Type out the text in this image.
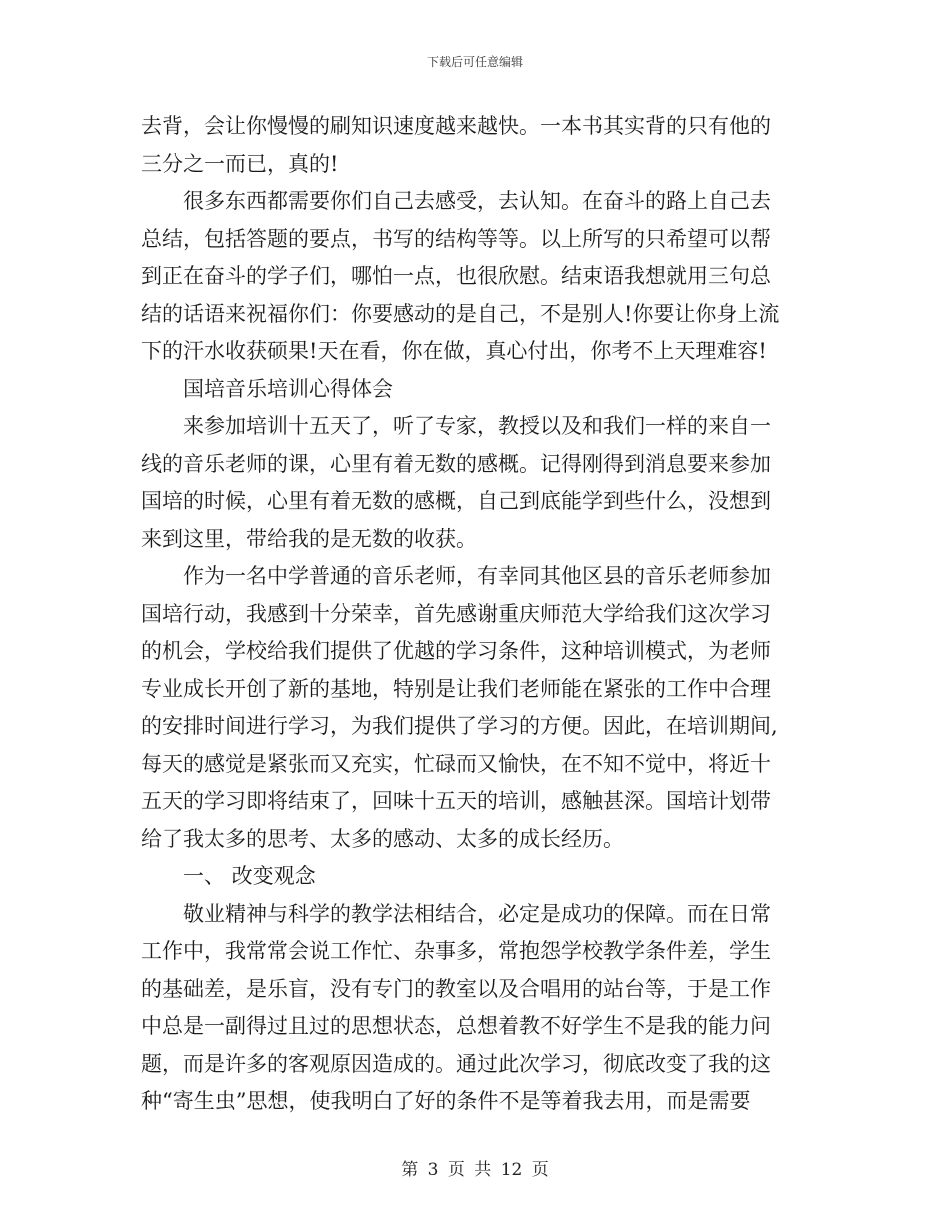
下载后可任意编辑
去背，会让你慢慢的刷知识速度越来越快。一本书其实背的只有他的
三分之一而已，真的!
很多东西都需要你们自己去感受，去认知。在奋斗的路上自己去
总结，包括答题的要点，书写的结构等等。以上所写的只希望可以帮
到正在奋斗的学子们，哪怕一点，也很欣慰。结束语我想就用三句总
结的话语来祝福你们：你要感动的是自己，不是别人!你要让你身上流
下的汗水收获硕果!天在看，你在做，真心付出，你考不上天理难容!
国培音乐培训心得体会
来参加培训十五天了，听了专家，教授以及和我们一样的来自一
线的音乐老师的课，心里有着无数的感概。记得刚得到消息要来参加
国培的时候，心里有着无数的感概，自己到底能学到些什么，没想到
来到这里，带给我的是无数的收获。
作为一名中学普通的音乐老师，有幸同其他区县的音乐老师参加
国培行动，我感到十分荣幸，首先感谢重庆师范大学给我们这次学习
的机会，学校给我们提供了优越的学习条件，这种培训模式，为老师
专业成长开创了新的基地，特别是让我们老师能在紧张的工作中合理
的安排时间进行学习，为我们提供了学习的方便。因此，在培训期间,
每天的感觉是紧张而又充实，忙碌而又愉快，在不知不觉中，将近十
五天的学习即将结束了，回味十五天的培训，感触甚深。国培计划带
给了我太多的思考、太多的感动、太多的成长经历。
一、 改变观念
敬业精神与科学的教学法相结合，必定是成功的保障。而在日常
工作中，我常常会说工作忙、杂事多，常抱怨学校教学条件差，学生
的基础差，是乐盲，没有专门的教室以及合唱用的站台等，于是工作
中总是一副得过且过的思想状态，总想着教不好学生不是我的能力问
题，而是许多的客观原因造成的。通过此次学习，彻底改变了我的这
种“寄生虫”思想，使我明白了好的条件不是等着我去用，而是需要
第 3 页 共 12 页
